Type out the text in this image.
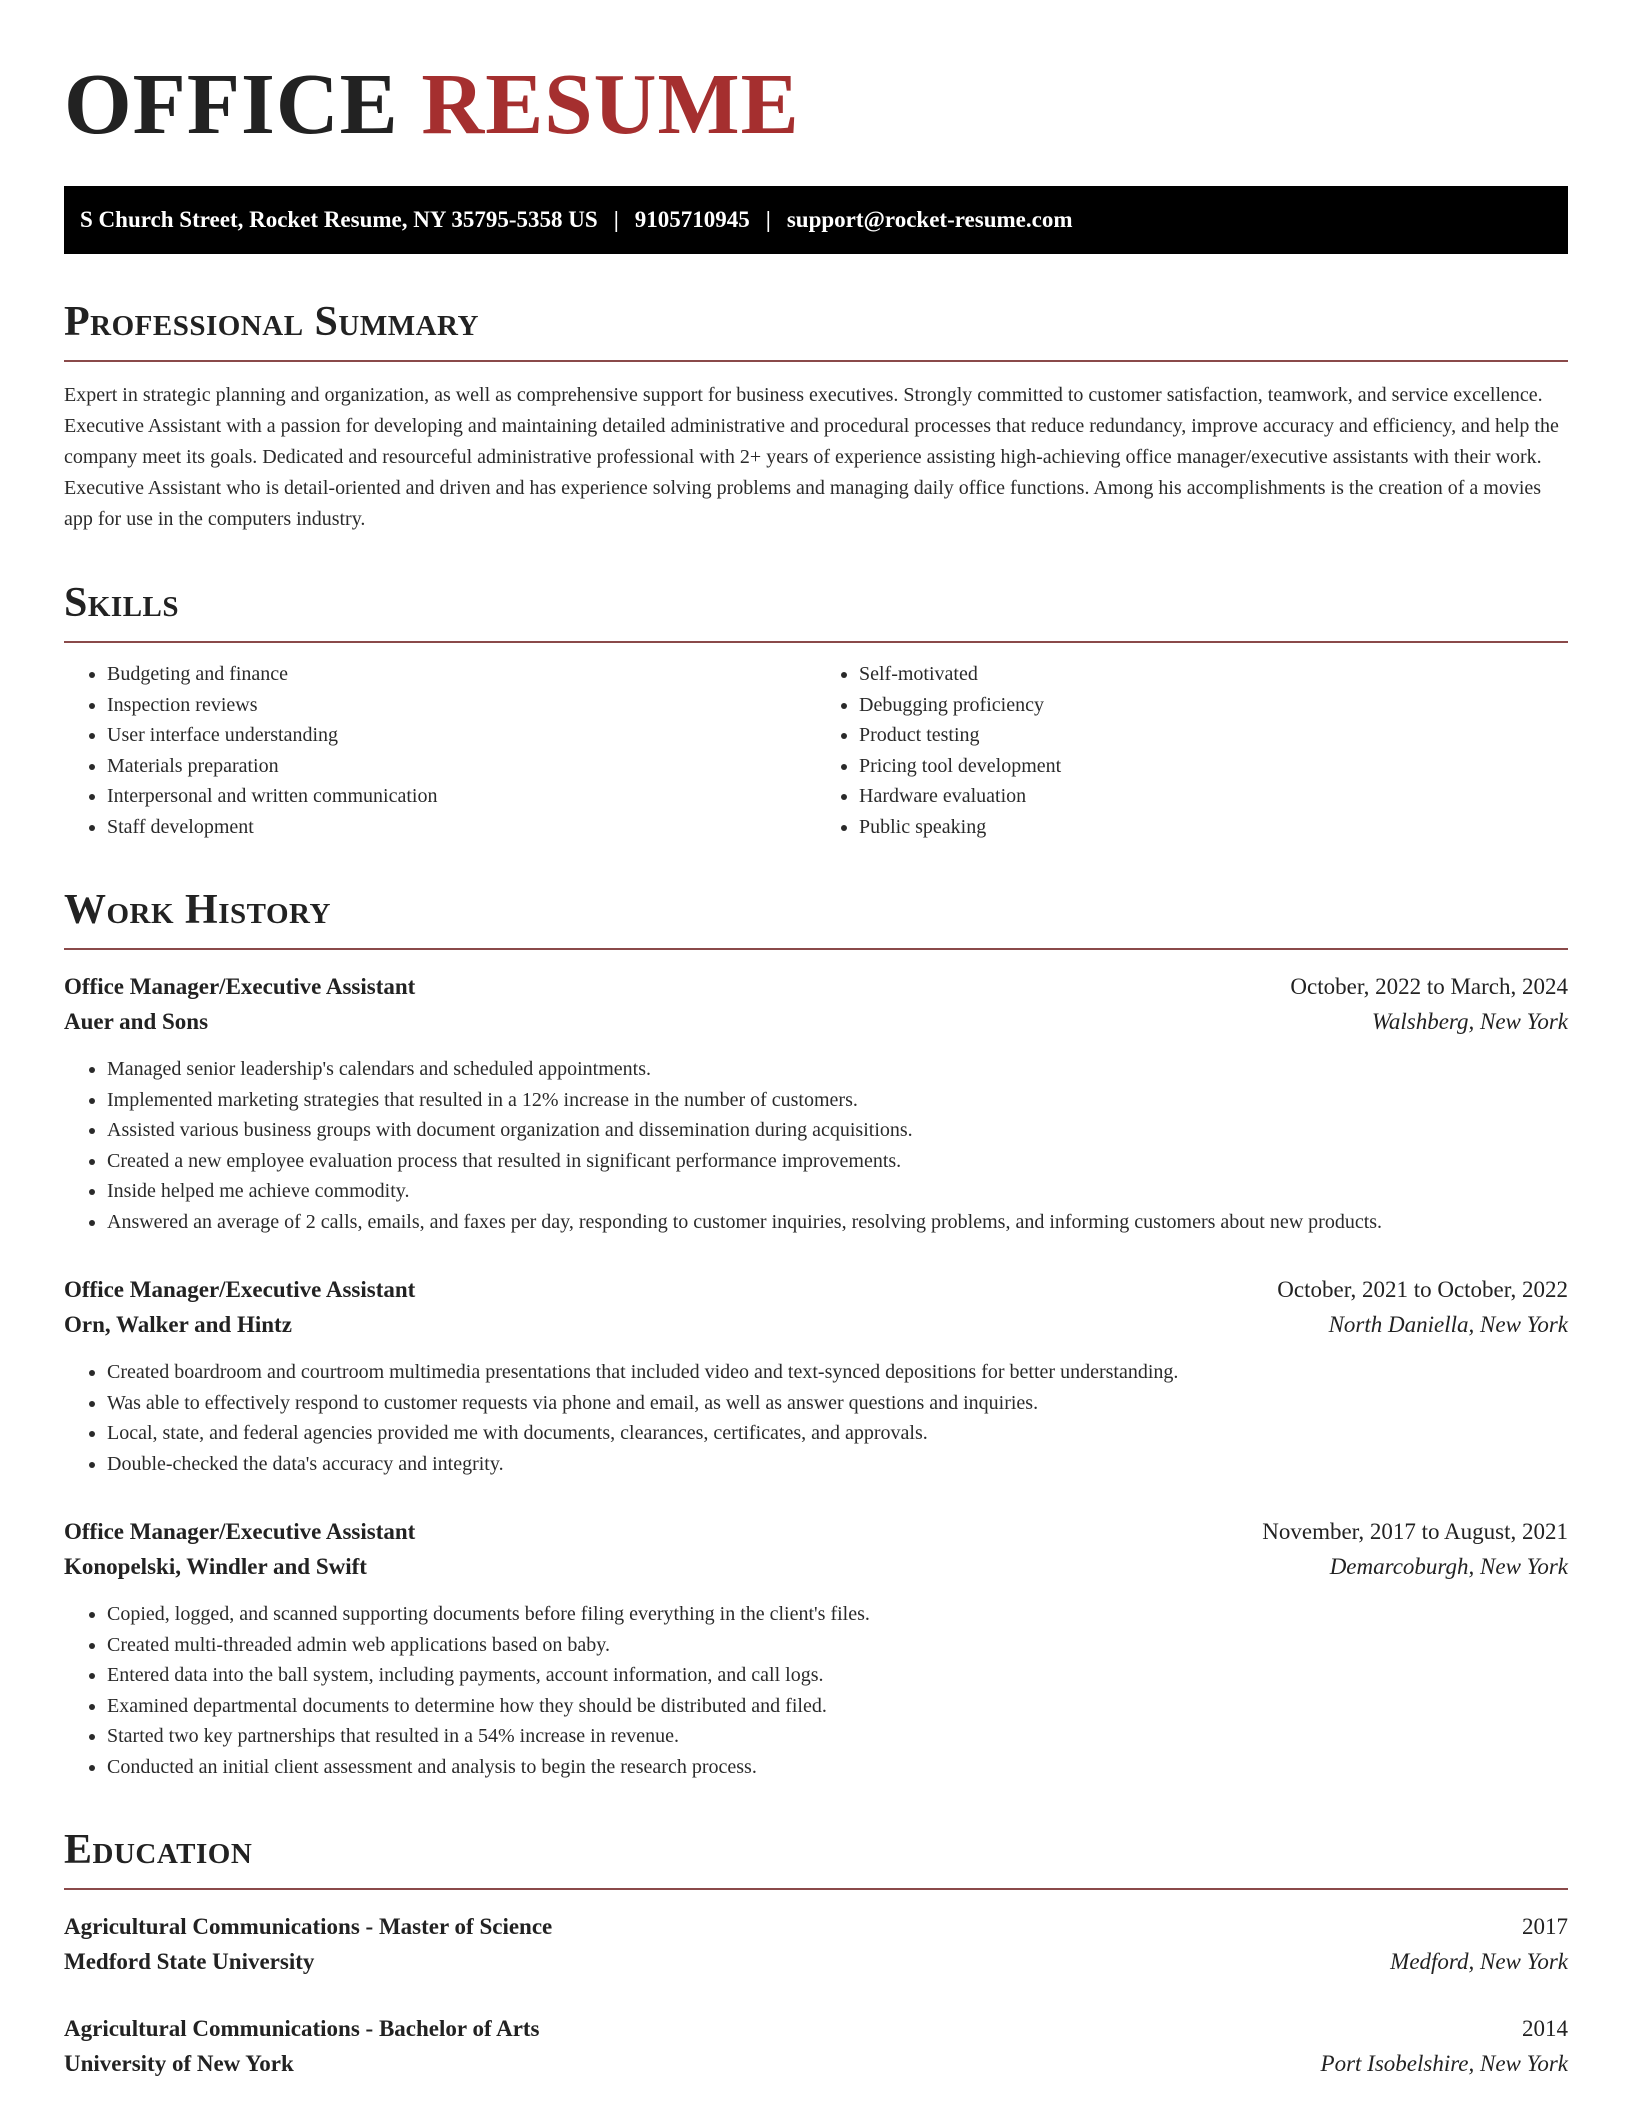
OFFICE RESUME
S Church Street, Rocket Resume, NY 35795-5358 US | 9105710945 | support@rocket-resume.com
Professional Summary

Expert in strategic planning and organization, as well as comprehensive support for business executives. Strongly committed to customer satisfaction, teamwork, and service excellence. Executive Assistant with a passion for developing and maintaining detailed administrative and procedural processes that reduce redundancy, improve accuracy and efficiency, and help the company meet its goals. Dedicated and resourceful administrative professional with 2+ years of experience assisting high-achieving office manager/executive assistants with their work. Executive Assistant who is detail-oriented and driven and has experience solving problems and managing daily office functions. Among his accomplishments is the creation of a movies app for use in the computers industry.

Skills
• Budgeting and finance
• Inspection reviews
• User interface understanding
• Materials preparation
• Interpersonal and written communication
• Staff development
• Self-motivated
• Debugging proficiency
• Product testing
• Pricing tool development
• Hardware evaluation
• Public speaking
Work History
Office Manager/Executive Assistant	October, 2022 to March, 2024
Auer and Sons	Walshberg, New York
• Managed senior leadership's calendars and scheduled appointments.
• Implemented marketing strategies that resulted in a 12% increase in the number of customers.
• Assisted various business groups with document organization and dissemination during acquisitions.
• Created a new employee evaluation process that resulted in significant performance improvements.
• Inside helped me achieve commodity.
• Answered an average of 2 calls, emails, and faxes per day, responding to customer inquiries, resolving problems, and informing customers about new products.
Office Manager/Executive Assistant	October, 2021 to October, 2022
Orn, Walker and Hintz	North Daniella, New York
• Created boardroom and courtroom multimedia presentations that included video and text-synced depositions for better understanding.
• Was able to effectively respond to customer requests via phone and email, as well as answer questions and inquiries.
• Local, state, and federal agencies provided me with documents, clearances, certificates, and approvals.
• Double-checked the data's accuracy and integrity.
Office Manager/Executive Assistant	November, 2017 to August, 2021
Konopelski, Windler and Swift	Demarcoburgh, New York
• Copied, logged, and scanned supporting documents before filing everything in the client's files.
• Created multi-threaded admin web applications based on baby.
• Entered data into the ball system, including payments, account information, and call logs.
• Examined departmental documents to determine how they should be distributed and filed.
• Started two key partnerships that resulted in a 54% increase in revenue.
• Conducted an initial client assessment and analysis to begin the research process.
Education
Agricultural Communications - Master of Science	2017
Medford State University	Medford, New York
Agricultural Communications - Bachelor of Arts	2014
University of New York	Port Isobelshire, New York
